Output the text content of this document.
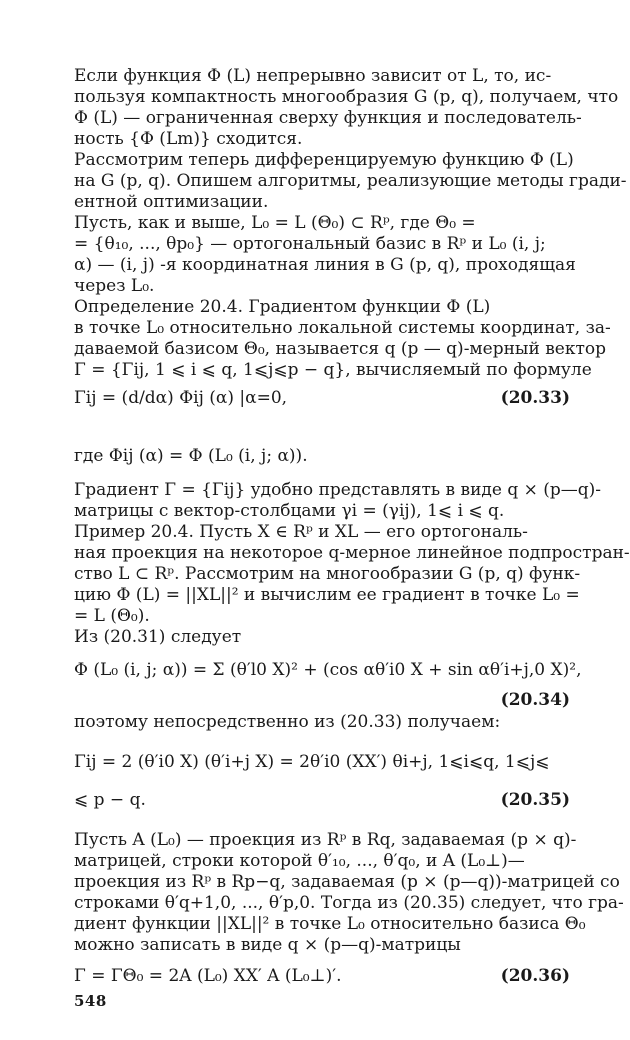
Если функция Φ (L) непрерывно зависит от L, то, ис-
пользуя компактность многообразия G (p, q), получаем, что
Φ (L) — ограниченная сверху функция и последователь-
ность {Φ (Lm)} сходится.
Рассмотрим теперь дифференцируемую функцию Φ (L)
на G (p, q). Опишем алгоритмы, реализующие методы гради-
ентной оптимизации.
Пусть, как и выше, L₀ = L (Θ₀) ⊂ Rᵖ, где Θ₀ =
= {θ₁₀, ..., θp₀} — ортогональный базис в Rᵖ и L₀ (i, j;
α) — (i, j) -я координатная линия в G (p, q), проходящая
через L₀.
Определение 20.4. Градиентом функции Φ (L)
в точке L₀ относительно локальной системы координат, за-
даваемой базисом Θ₀, называется q (p — q)-мерный вектор
Γ = {Γij, 1 ⩽ i ⩽ q, 1⩽j⩽p − q}, вычисляемый по формуле
Γij = (d/dα) Φij (α) |α=0,	(20.33)
где Φij (α) = Φ (L₀ (i, j; α)).
Градиент Γ = {Γij} удобно представлять в виде q × (p—q)-
матрицы с вектор-столбцами γi = (γij), 1⩽ i ⩽ q.
Пример 20.4. Пусть X ∈ Rᵖ и XL — его ортогональ-
ная проекция на некоторое q-мерное линейное подпростран-
ство L ⊂ Rᵖ. Рассмотрим на многообразии G (p, q) функ-
цию Φ (L) = ||XL||² и вычислим ее градиент в точке L₀ =
= L (Θ₀).
Из (20.31) следует
Φ (L₀ (i, j; α)) = Σ (θ′l0 X)² + (cos αθ′i0 X + sin αθ′i+j,0 X)²,
(20.34)
поэтому непосредственно из (20.33) получаем:
Γij = 2 (θ′i0 X) (θ′i+j X) = 2θ′i0 (XX′) θi+j, 1⩽i⩽q, 1⩽j⩽
⩽ p − q.	(20.35)
Пусть A (L₀) — проекция из Rᵖ в Rq, задаваемая (p × q)-
матрицей, строки которой θ′₁₀, ..., θ′q₀, и A (L₀⊥)—
проекция из Rᵖ в Rp−q, задаваемая (p × (p—q))-матрицей со
строками θ′q+1,0, ..., θ′p,0. Тогда из (20.35) следует, что гра-
диент функции ||XL||² в точке L₀ относительно базиса Θ₀
можно записать в виде q × (p—q)-матрицы
Γ = ΓΘ₀ = 2A (L₀) XX′ A (L₀⊥)′.	(20.36)
548
